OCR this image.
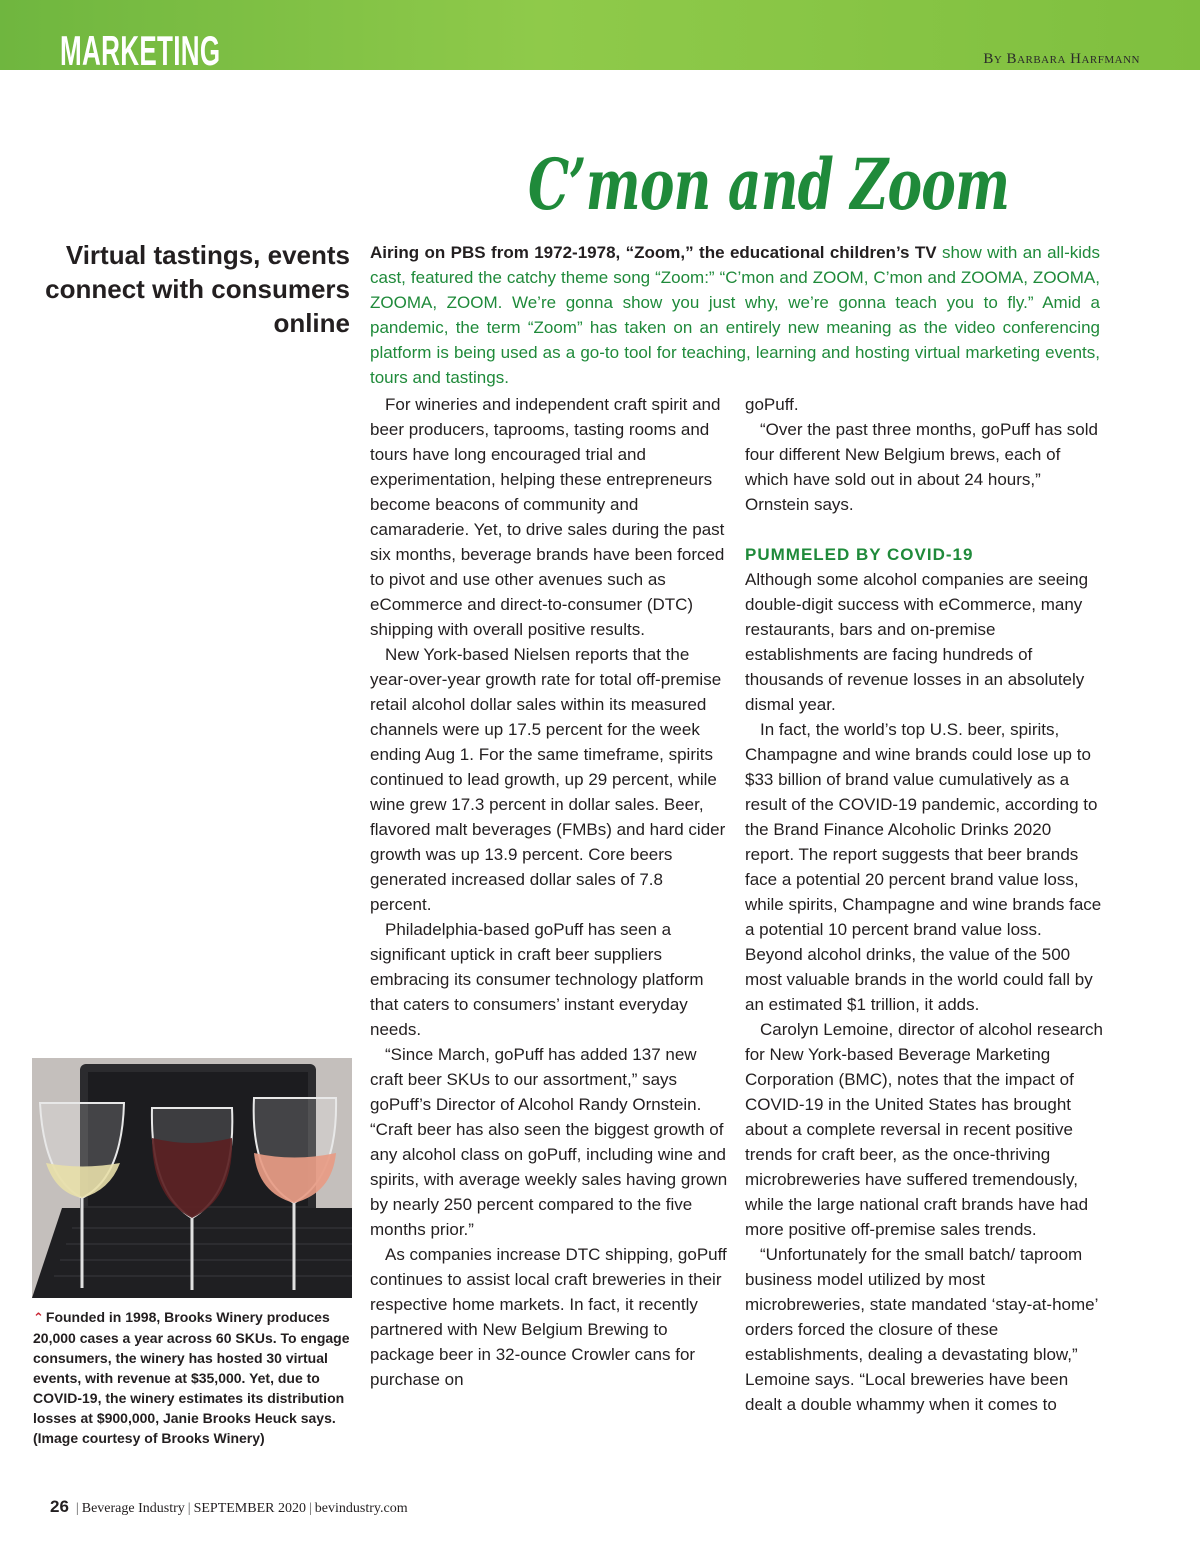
MARKETING	By Barbara Harfmann
C’mon and Zoom
Virtual tastings, events connect with consumers online

Airing on PBS from 1972-1978, “Zoom,” the educational children’s TV show with an all-kids cast, featured the catchy theme song “Zoom:” “C’mon and ZOOM, C’mon and ZOOMA, ZOOMA, ZOOMA, ZOOM. We’re gonna show you just why, we’re gonna teach you to fly.” Amid a pandemic, the term “Zoom” has taken on an entirely new meaning as the video conferencing platform is being used as a go-to tool for teaching, learning and hosting virtual marketing events, tours and tastings.

For wineries and independent craft spirit and beer producers, taprooms, tasting rooms and tours have long encouraged trial and experimentation, helping these entrepreneurs become beacons of community and camaraderie. Yet, to drive sales during the past six months, beverage brands have been forced to pivot and use other avenues such as eCommerce and direct-to-consumer (DTC) shipping with overall positive results.

New York-based Nielsen reports that the year-over-year growth rate for total off-premise retail alcohol dollar sales within its measured channels were up 17.5 percent for the week ending Aug 1. For the same timeframe, spirits continued to lead growth, up 29 percent, while wine grew 17.3 percent in dollar sales. Beer, flavored malt beverages (FMBs) and hard cider growth was up 13.9 percent. Core beers generated increased dollar sales of 7.8 percent.

Philadelphia-based goPuff has seen a significant uptick in craft beer suppliers embracing its consumer technology platform that caters to consumers’ instant everyday needs.

“Since March, goPuff has added 137 new craft beer SKUs to our assortment,” says goPuff’s Director of Alcohol Randy Ornstein. “Craft beer has also seen the biggest growth of any alcohol class on goPuff, including wine and spirits, with average weekly sales having grown by nearly 250 percent compared to the five months prior.”

As companies increase DTC shipping, goPuff continues to assist local craft breweries in their respective home markets. In fact, it recently partnered with New Belgium Brewing to package beer in 32-ounce Crowler cans for purchase on

goPuff.

“Over the past three months, goPuff has sold four different New Belgium brews, each of which have sold out in about 24 hours,” Ornstein says.

PUMMELED BY COVID-19

Although some alcohol companies are seeing double-digit success with eCommerce, many restaurants, bars and on-premise establishments are facing hundreds of thousands of revenue losses in an absolutely dismal year.

In fact, the world’s top U.S. beer, spirits, Champagne and wine brands could lose up to $33 billion of brand value cumulatively as a result of the COVID-19 pandemic, according to the Brand Finance Alcoholic Drinks 2020 report. The report suggests that beer brands face a potential 20 percent brand value loss, while spirits, Champagne and wine brands face a potential 10 percent brand value loss. Beyond alcohol drinks, the value of the 500 most valuable brands in the world could fall by an estimated $1 trillion, it adds.

Carolyn Lemoine, director of alcohol research for New York-based Beverage Marketing Corporation (BMC), notes that the impact of COVID-19 in the United States has brought about a complete reversal in recent positive trends for craft beer, as the once-thriving microbreweries have suffered tremendously, while the large national craft brands have had more positive off-premise sales trends.

“Unfortunately for the small batch/ taproom business model utilized by most microbreweries, state mandated ‘stay-at-home’ orders forced the closure of these establishments, dealing a devastating blow,” Lemoine says. “Local breweries have been dealt a double whammy when it comes to

⌃ Founded in 1998, Brooks Winery produces 20,000 cases a year across 60 SKUs. To engage consumers, the winery has hosted 30 virtual events, with revenue at $35,000. Yet, due to COVID-19, the winery estimates its distribution losses at $900,000, Janie Brooks Heuck says. (Image courtesy of Brooks Winery)

26 | Beverage Industry | SEPTEMBER 2020 | bevindustry.com
